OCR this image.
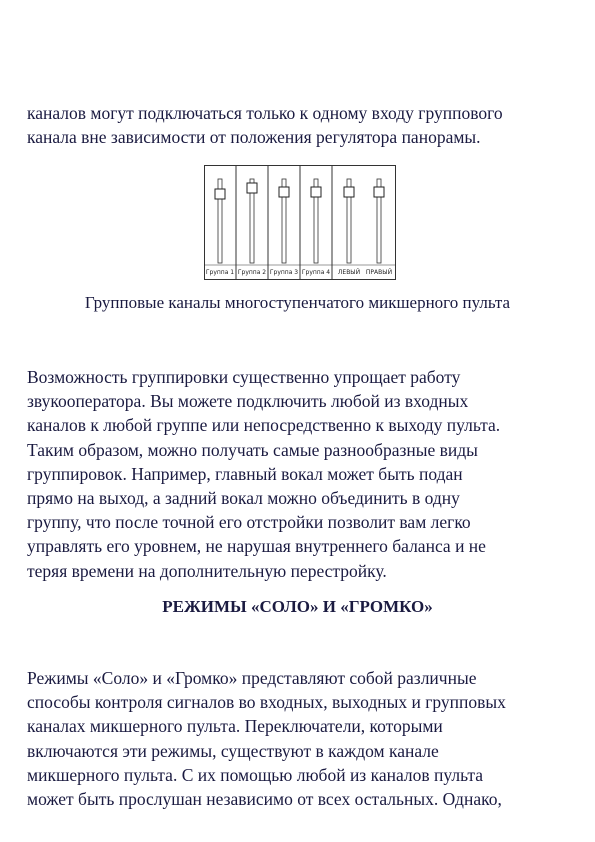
каналов могут подключаться только к одному входу группового
канала вне зависимости от положения регулятора панорамы.

Группа 1 Группа 2 Группа 3 Группа 4 ЛЕВЫЙ ПРАВЫЙ
Групповые каналы многоступенчатого микшерного пульта

Возможность группировки существенно упрощает работу
звукооператора. Вы можете подключить любой из входных
каналов к любой группе или непосредственно к выходу пульта.
Таким образом, можно получать самые разнообразные виды
группировок. Например, главный вокал может быть подан
прямо на выход, а задний вокал можно объединить в одну
группу, что после точной его отстройки позволит вам легко
управлять его уровнем, не нарушая внутреннего баланса и не
теряя времени на дополнительную перестройку.

РЕЖИМЫ «СОЛО» И «ГРОМКО»

Режимы «Соло» и «Громко» представляют собой различные
способы контроля сигналов во входных, выходных и групповых
каналах микшерного пульта. Переключатели, которыми
включаются эти режимы, существуют в каждом канале
микшерного пульта. С их помощью любой из каналов пульта
может быть прослушан независимо от всех остальных. Однако,
